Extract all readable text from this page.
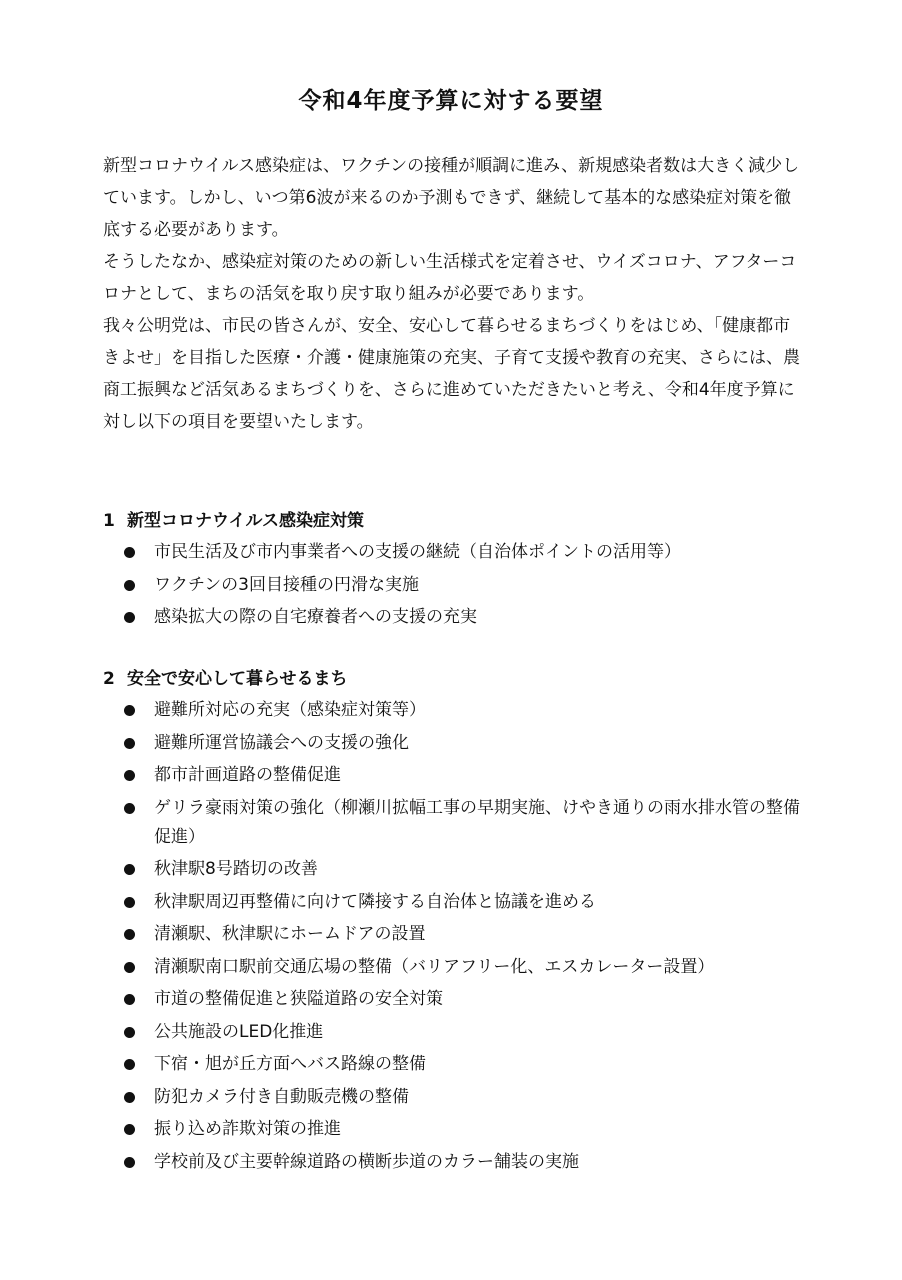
令和4年度予算に対する要望

新型コロナウイルス感染症は、ワクチンの接種が順調に進み、新規感染者数は大きく減少しています。しかし、いつ第6波が来るのか予測もできず、継続して基本的な感染症対策を徹底する必要があります。

そうしたなか、感染症対策のための新しい生活様式を定着させ、ウイズコロナ、アフターコロナとして、まちの活気を取り戻す取り組みが必要であります。

我々公明党は、市民の皆さんが、安全、安心して暮らせるまちづくりをはじめ、「健康都市きよせ」を目指した医療・介護・健康施策の充実、子育て支援や教育の充実、さらには、農商工振興など活気あるまちづくりを、さらに進めていただきたいと考え、令和4年度予算に対し以下の項目を要望いたします。

1 新型コロナウイルス感染症対策
市民生活及び市内事業者への支援の継続（自治体ポイントの活用等）
ワクチンの3回目接種の円滑な実施
感染拡大の際の自宅療養者への支援の充実
2 安全で安心して暮らせるまち
避難所対応の充実（感染症対策等）
避難所運営協議会への支援の強化
都市計画道路の整備促進
ゲリラ豪雨対策の強化（柳瀬川拡幅工事の早期実施、けやき通りの雨水排水管の整備促進）
秋津駅8号踏切の改善
秋津駅周辺再整備に向けて隣接する自治体と協議を進める
清瀬駅、秋津駅にホームドアの設置
清瀬駅南口駅前交通広場の整備（バリアフリー化、エスカレーター設置）
市道の整備促進と狭隘道路の安全対策
公共施設のLED化推進
下宿・旭が丘方面へバス路線の整備
防犯カメラ付き自動販売機の整備
振り込め詐欺対策の推進
学校前及び主要幹線道路の横断歩道のカラー舗装の実施
